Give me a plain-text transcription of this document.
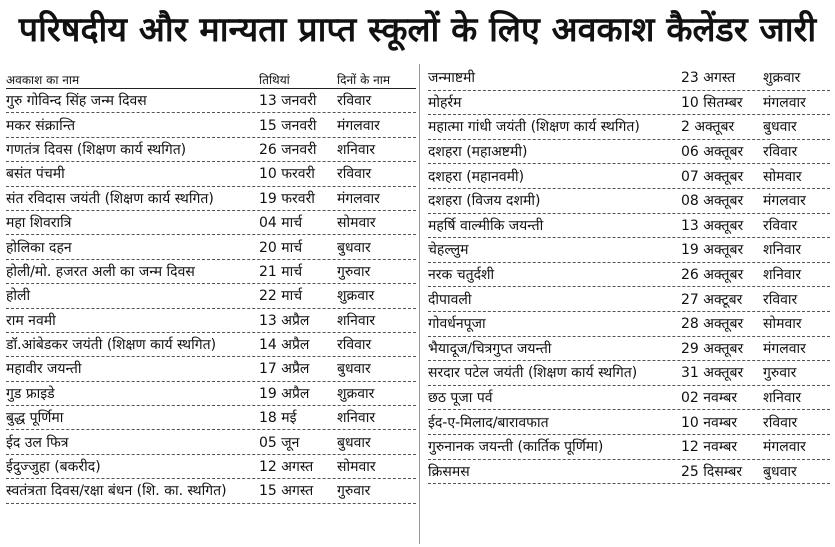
परिषदीय और मान्यता प्राप्त स्कूलों के लिए अवकाश कैलेंडर जारी
अवकाश का नाम	तिथियां	दिनों के नाम
गुरु गोविन्द सिंह जन्म दिवस	13 जनवरी	रविवार
मकर संक्रान्ति	15 जनवरी	मंगलवार
गणतंत्र दिवस (शिक्षण कार्य स्थगित)	26 जनवरी	शनिवार
बसंत पंचमी	10 फरवरी	रविवार
संत रविदास जयंती (शिक्षण कार्य स्थगित)	19 फरवरी	मंगलवार
महा शिवरात्रि	04 मार्च	सोमवार
होलिका दहन	20 मार्च	बुधवार
होली/मो. हजरत अली का जन्म दिवस	21 मार्च	गुरुवार
होली	22 मार्च	शुक्रवार
राम नवमी	13 अप्रैल	शनिवार
डॉ.आंबेडकर जयंती (शिक्षण कार्य स्थगित)	14 अप्रैल	रविवार
महावीर जयन्ती	17 अप्रैल	बुधवार
गुड फ्राइडे	19 अप्रैल	शुक्रवार
बुद्ध पूर्णिमा	18 मई	शनिवार
ईद उल फित्र	05 जून	बुधवार
ईदुज्जुहा (बकरीद)	12 अगस्त	सोमवार
स्वतंत्रता दिवस/रक्षा बंधन (शि. का. स्थगित)	15 अगस्त	गुरुवार
जन्माष्टमी	23 अगस्त	शुक्रवार
मोहर्रम	10 सितम्बर	मंगलवार
महात्मा गांधी जयंती (शिक्षण कार्य स्थगित)	2 अक्तूबर	बुधवार
दशहरा (महाअष्टमी)	06 अक्तूबर	रविवार
दशहरा (महानवमी)	07 अक्तूबर	सोमवार
दशहरा (विजय दशमी)	08 अक्तूबर	मंगलवार
महर्षि वाल्मीकि जयन्ती	13 अक्तूबर	रविवार
चेहल्लुम	19 अक्तूबर	शनिवार
नरक चतुर्दशी	26 अक्तूबर	शनिवार
दीपावली	27 अक्टूबर	रविवार
गोवर्धनपूजा	28 अक्तूबर	सोमवार
भैयादूज/चित्रगुप्त जयन्ती	29 अक्तूबर	मंगलवार
सरदार पटेल जयंती (शिक्षण कार्य स्थगित)	31 अक्तूबर	गुरुवार
छठ पूजा पर्व	02 नवम्बर	शनिवार
ईद-ए-मिलाद/बारावफात	10 नवम्बर	रविवार
गुरुनानक जयन्ती (कार्तिक पूर्णिमा)	12 नवम्बर	मंगलवार
क्रिसमस	25 दिसम्बर	बुधवार
